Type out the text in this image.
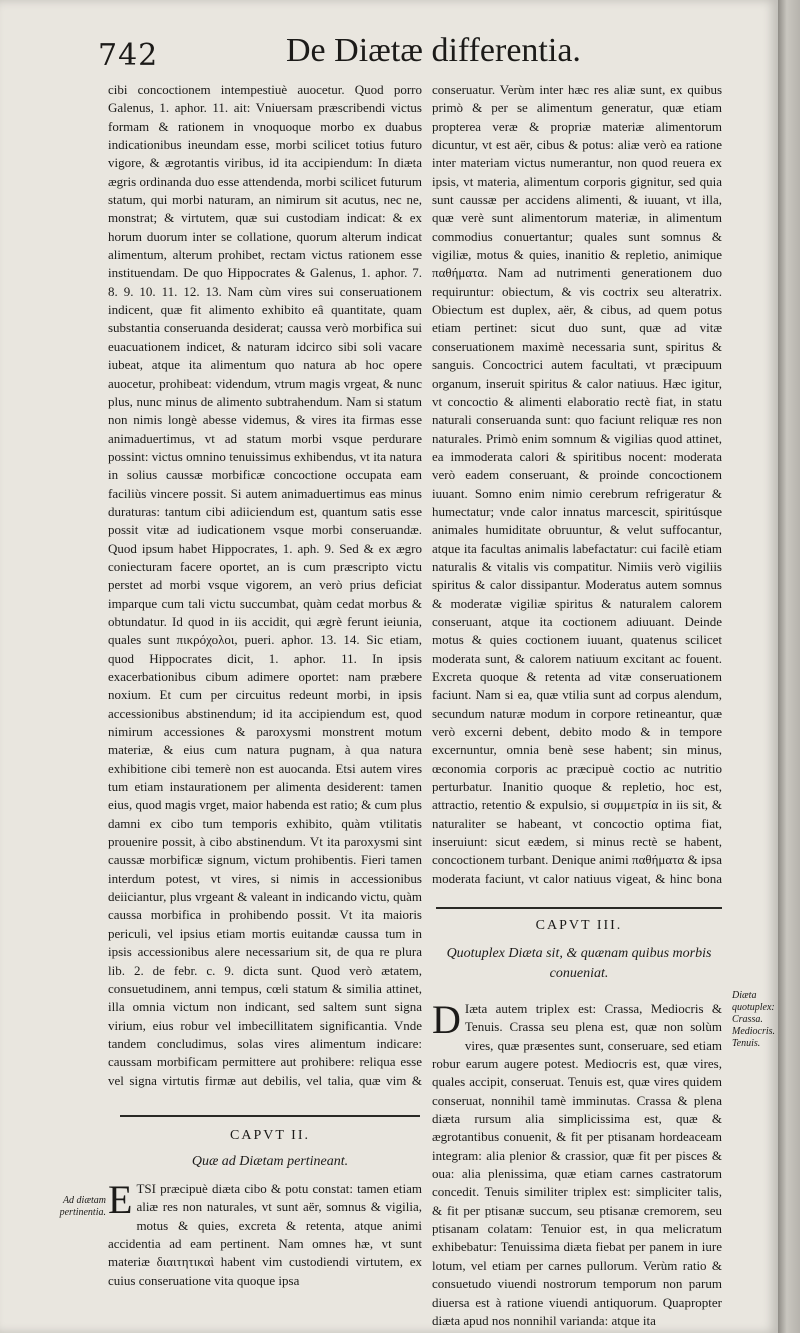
742	De Diætæ differentia.

cibi concoctionem intempestiuè auocetur. Quod porro Galenus, 1. aphor. 11. ait: Vniuersam præscribendi victus formam & rationem in vnoquoque morbo ex duabus indicationibus ineundam esse, morbi scilicet totius futuro vigore, & ægrotantis viribus, id ita accipiendum: In diæta ægris ordinanda duo esse attendenda, morbi scilicet futurum statum, qui morbi naturam, an nimirum sit acutus, nec ne, monstrat; & virtutem, quæ sui custodiam indicat: & ex horum duorum inter se collatione, quorum alterum indicat alimentum, alterum prohibet, rectam victus rationem esse instituendam. De quo Hippocrates & Galenus, 1. aphor. 7. 8. 9. 10. 11. 12. 13. Nam cùm vires sui conseruationem indicent, quæ fit alimento exhibito eâ quantitate, quam substantia conseruanda desiderat; caussa verò morbifica sui euacuationem indicet, & naturam idcirco sibi soli vacare iubeat, atque ita alimentum quo natura ab hoc opere auocetur, prohibeat: videndum, vtrum magis vrgeat, & nunc plus, nunc minus de alimento subtrahendum. Nam si statum non nimis longè abesse videmus, & vires ita firmas esse animaduertimus, vt ad statum morbi vsque perdurare possint: victus omnino tenuissimus exhibendus, vt ita natura in solius caussæ morbificæ concoctione occupata eam faciliùs vincere possit. Si autem animaduertimus eas minus duraturas: tantum cibi adiiciendum est, quantum satis esse possit vitæ ad iudicationem vsque morbi conseruandæ. Quod ipsum habet Hippocrates, 1. aph. 9. Sed & ex ægro coniecturam facere oportet, an is cum præscripto victu perstet ad morbi vsque vigorem, an verò prius deficiat imparque cum tali victu succumbat, quàm cedat morbus & obtundatur. Id quod in iis accidit, qui ægrè ferunt ieiunia, quales sunt πικρόχολοι, pueri. aphor. 13. 14. Sic etiam, quod Hippocrates dicit, 1. aphor. 11. In ipsis exacerbationibus cibum adimere oportet: nam præbere noxium. Et cum per circuitus redeunt morbi, in ipsis accessionibus abstinendum; id ita accipiendum est, quod nimirum accessiones & paroxysmi monstrent motum materiæ, & eius cum natura pugnam, à qua natura exhibitione cibi temerè non est auocanda. Etsi autem vires tum etiam instaurationem per alimenta desiderent: tamen eius, quod magis vrget, maior habenda est ratio; & cum plus damni ex cibo tum temporis exhibito, quàm vtilitatis prouenire possit, à cibo abstinendum. Vt ita paroxysmi sint caussæ morbificæ signum, victum prohibentis. Fieri tamen interdum potest, vt vires, si nimis in accessionibus deiiciantur, plus vrgeant & valeant in indicando victu, quàm caussa morbifica in prohibendo possit. Vt ita maioris periculi, vel ipsius etiam mortis euitandæ caussa tum in ipsis accessionibus alere necessarium sit, de qua re plura lib. 2. de febr. c. 9. dicta sunt. Quod verò ætatem, consuetudinem, anni tempus, cœli statum & similia attinet, illa omnia victum non indicant, sed saltem sunt signa virium, eius robur vel imbecillitatem significantia. Vnde tandem concludimus, solas vires alimentum indicare: caussam morbificam permittere aut prohibere: reliqua esse vel signa virtutis firmæ aut debilis, vel talia, quæ vim &

conseruatur. Verùm inter hæc res aliæ sunt, ex quibus primò & per se alimentum generatur, quæ etiam propterea veræ & propriæ materiæ alimentorum dicuntur, vt est aër, cibus & potus: aliæ verò ea ratione inter materiam victus numerantur, non quod reuera ex ipsis, vt materia, alimentum corporis gignitur, sed quia sunt caussæ per accidens alimenti, & iuuant, vt illa, quæ verè sunt alimentorum materiæ, in alimentum commodius conuertantur; quales sunt somnus & vigiliæ, motus & quies, inanitio & repletio, animique παθήματα. Nam ad nutrimenti generationem duo requiruntur: obiectum, & vis coctrix seu alteratrix. Obiectum est duplex, aër, & cibus, ad quem potus etiam pertinet: sicut duo sunt, quæ ad vitæ conseruationem maximè necessaria sunt, spiritus & sanguis. Concoctrici autem facultati, vt præcipuum organum, inseruit spiritus & calor natiuus. Hæc igitur, vt concoctio & alimenti elaboratio rectè fiat, in statu naturali conseruanda sunt: quo faciunt reliquæ res non naturales. Primò enim somnum & vigilias quod attinet, ea immoderata calori & spiritibus nocent: moderata verò eadem conseruant, & proinde concoctionem iuuant. Somno enim nimio cerebrum refrigeratur & humectatur; vnde calor innatus marcescit, spiritúsque animales humiditate obruuntur, & velut suffocantur, atque ita facultas animalis labefactatur: cui facilè etiam naturalis & vitalis vis compatitur. Nimiis verò vigiliis spiritus & calor dissipantur. Moderatus autem somnus & moderatæ vigiliæ spiritus & naturalem calorem conseruant, atque ita coctionem adiuuant. Deinde motus & quies coctionem iuuant, quatenus scilicet moderata sunt, & calorem natiuum excitant ac fouent. Excreta quoque & retenta ad vitæ conseruationem faciunt. Nam si ea, quæ vtilia sunt ad corpus alendum, secundum naturæ modum in corpore retineantur, quæ verò excerni debent, debito modo & in tempore excernuntur, omnia benè sese habent; sin minus, œconomia corporis ac præcipuè coctio ac nutritio perturbatur. Inanitio quoque & repletio, hoc est, attractio, retentio & expulsio, si συμμετρία in iis sit, & naturaliter se habeant, vt concoctio optima fiat, inseruiunt: sicut eædem, si minus rectè se habent, concoctionem turbant. Denique animi παθήματα & ipsa moderata faciunt, vt calor natiuus vigeat, & hinc bona

CAPVT II.
Quæ ad Diætam pertineant.
ETSI præcipuè diæta cibo & potu constat: tamen etiam aliæ res non naturales, vt sunt aër, somnus & vigilia, motus & quies, excreta & retenta, atque animi accidentia ad eam pertinent. Nam omnes hæ, vt sunt materiæ διαιτητικαὶ habent vim custodiendi virtutem, ex cuius conseruatione vita quoque ipsa
Ad diætam pertinentia.
CAPVT III.
Quotuplex Diæta sit, & quænam quibus morbis conueniat.
D Iæta autem triplex est: Crassa, Mediocris & Tenuis. Crassa seu plena est, quæ non solùm vires, quæ præsentes sunt, conseruare, sed etiam robur earum augere potest. Mediocris est, quæ vires, quales accipit, conseruat. Tenuis est, quæ vires quidem conseruat, nonnihil tamè imminutas. Crassa & plena diæta rursum alia simplicissima est, quæ & ægrotantibus conuenit, & fit per ptisanam hordeaceam integram: alia plenior & crassior, quæ fit per pisces & oua: alia plenissima, quæ etiam carnes castratorum concedit. Tenuis similiter triplex est: simpliciter talis, & fit per ptisanæ succum, seu ptisanæ cremorem, seu ptisanam colatam: Tenuior est, in qua melicratum exhibebatur: Tenuissima diæta fiebat per panem in iure lotum, vel etiam per carnes pullorum. Verùm ratio & consuetudo viuendi nostrorum temporum non parum diuersa est à ratione viuendi antiquorum. Quapropter diæta apud nos nonnihil varianda: atque ita
Diæta quotuplex: Crassa. Mediocris. Tenuis.
